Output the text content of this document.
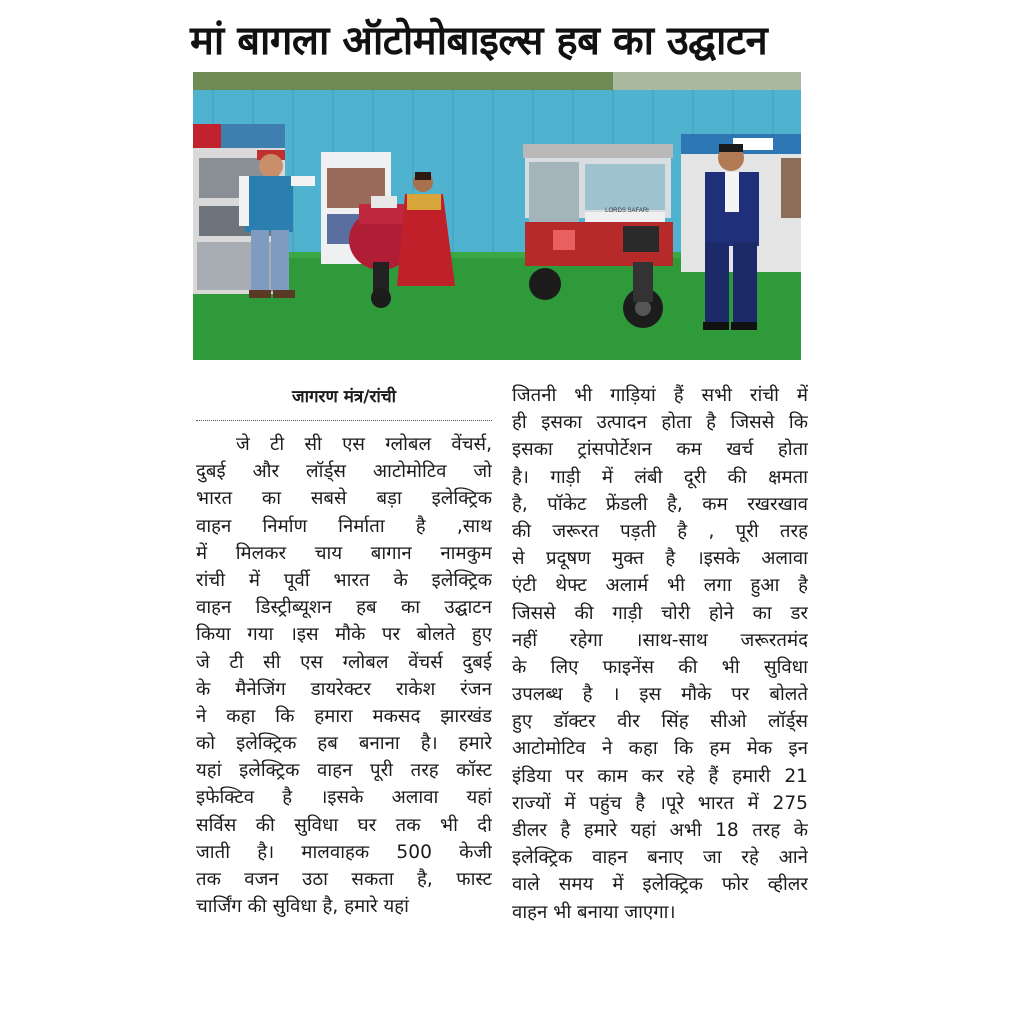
मां बागला ऑटोमोबाइल्स हब का उद्घाटन
LORDS SAFARI
जागरण मंत्र/रांची
जे टी सी एस ग्लोबल वेंचर्स,
दुबई और लॉर्ड्स आटोमोटिव जो
भारत का सबसे बड़ा इलेक्ट्रिक
वाहन निर्माण निर्माता है ,साथ
में मिलकर चाय बागान नामकुम
रांची में पूर्वी भारत के इलेक्ट्रिक
वाहन डिस्ट्रीब्यूशन हब का उद्घाटन
किया गया ।इस मौके पर बोलते हुए
जे टी सी एस ग्लोबल वेंचर्स दुबई
के मैनेजिंग डायरेक्टर राकेश रंजन
ने कहा कि हमारा मकसद झारखंड
को इलेक्ट्रिक हब बनाना है। हमारे
यहां इलेक्ट्रिक वाहन पूरी तरह कॉस्ट
इफेक्टिव है ।इसके अलावा यहां
सर्विस की सुविधा घर तक भी दी
जाती है। मालवाहक 500 केजी
तक वजन उठा सकता है, फास्ट
चार्जिंग की सुविधा है, हमारे यहां
जितनी भी गाड़ियां हैं सभी रांची में
ही इसका उत्पादन होता है जिससे कि
इसका ट्रांसपोर्टेशन कम खर्च होता
है। गाड़ी में लंबी दूरी की क्षमता
है, पॉकेट फ्रेंडली है, कम रखरखाव
की जरूरत पड़ती है , पूरी तरह
से प्रदूषण मुक्त है ।इसके अलावा
एंटी थेफ्ट अलार्म भी लगा हुआ है
जिससे की गाड़ी चोरी होने का डर
नहीं रहेगा ।साथ-साथ जरूरतमंद
के लिए फाइनेंस की भी सुविधा
उपलब्ध है । इस मौके पर बोलते
हुए डॉक्टर वीर सिंह सीओ लॉर्ड्स
आटोमोटिव ने कहा कि हम मेक इन
इंडिया पर काम कर रहे हैं हमारी 21
राज्यों में पहुंच है ।पूरे भारत में 275
डीलर है हमारे यहां अभी 18 तरह के
इलेक्ट्रिक वाहन बनाए जा रहे आने
वाले समय में इलेक्ट्रिक फोर व्हीलर
वाहन भी बनाया जाएगा।
